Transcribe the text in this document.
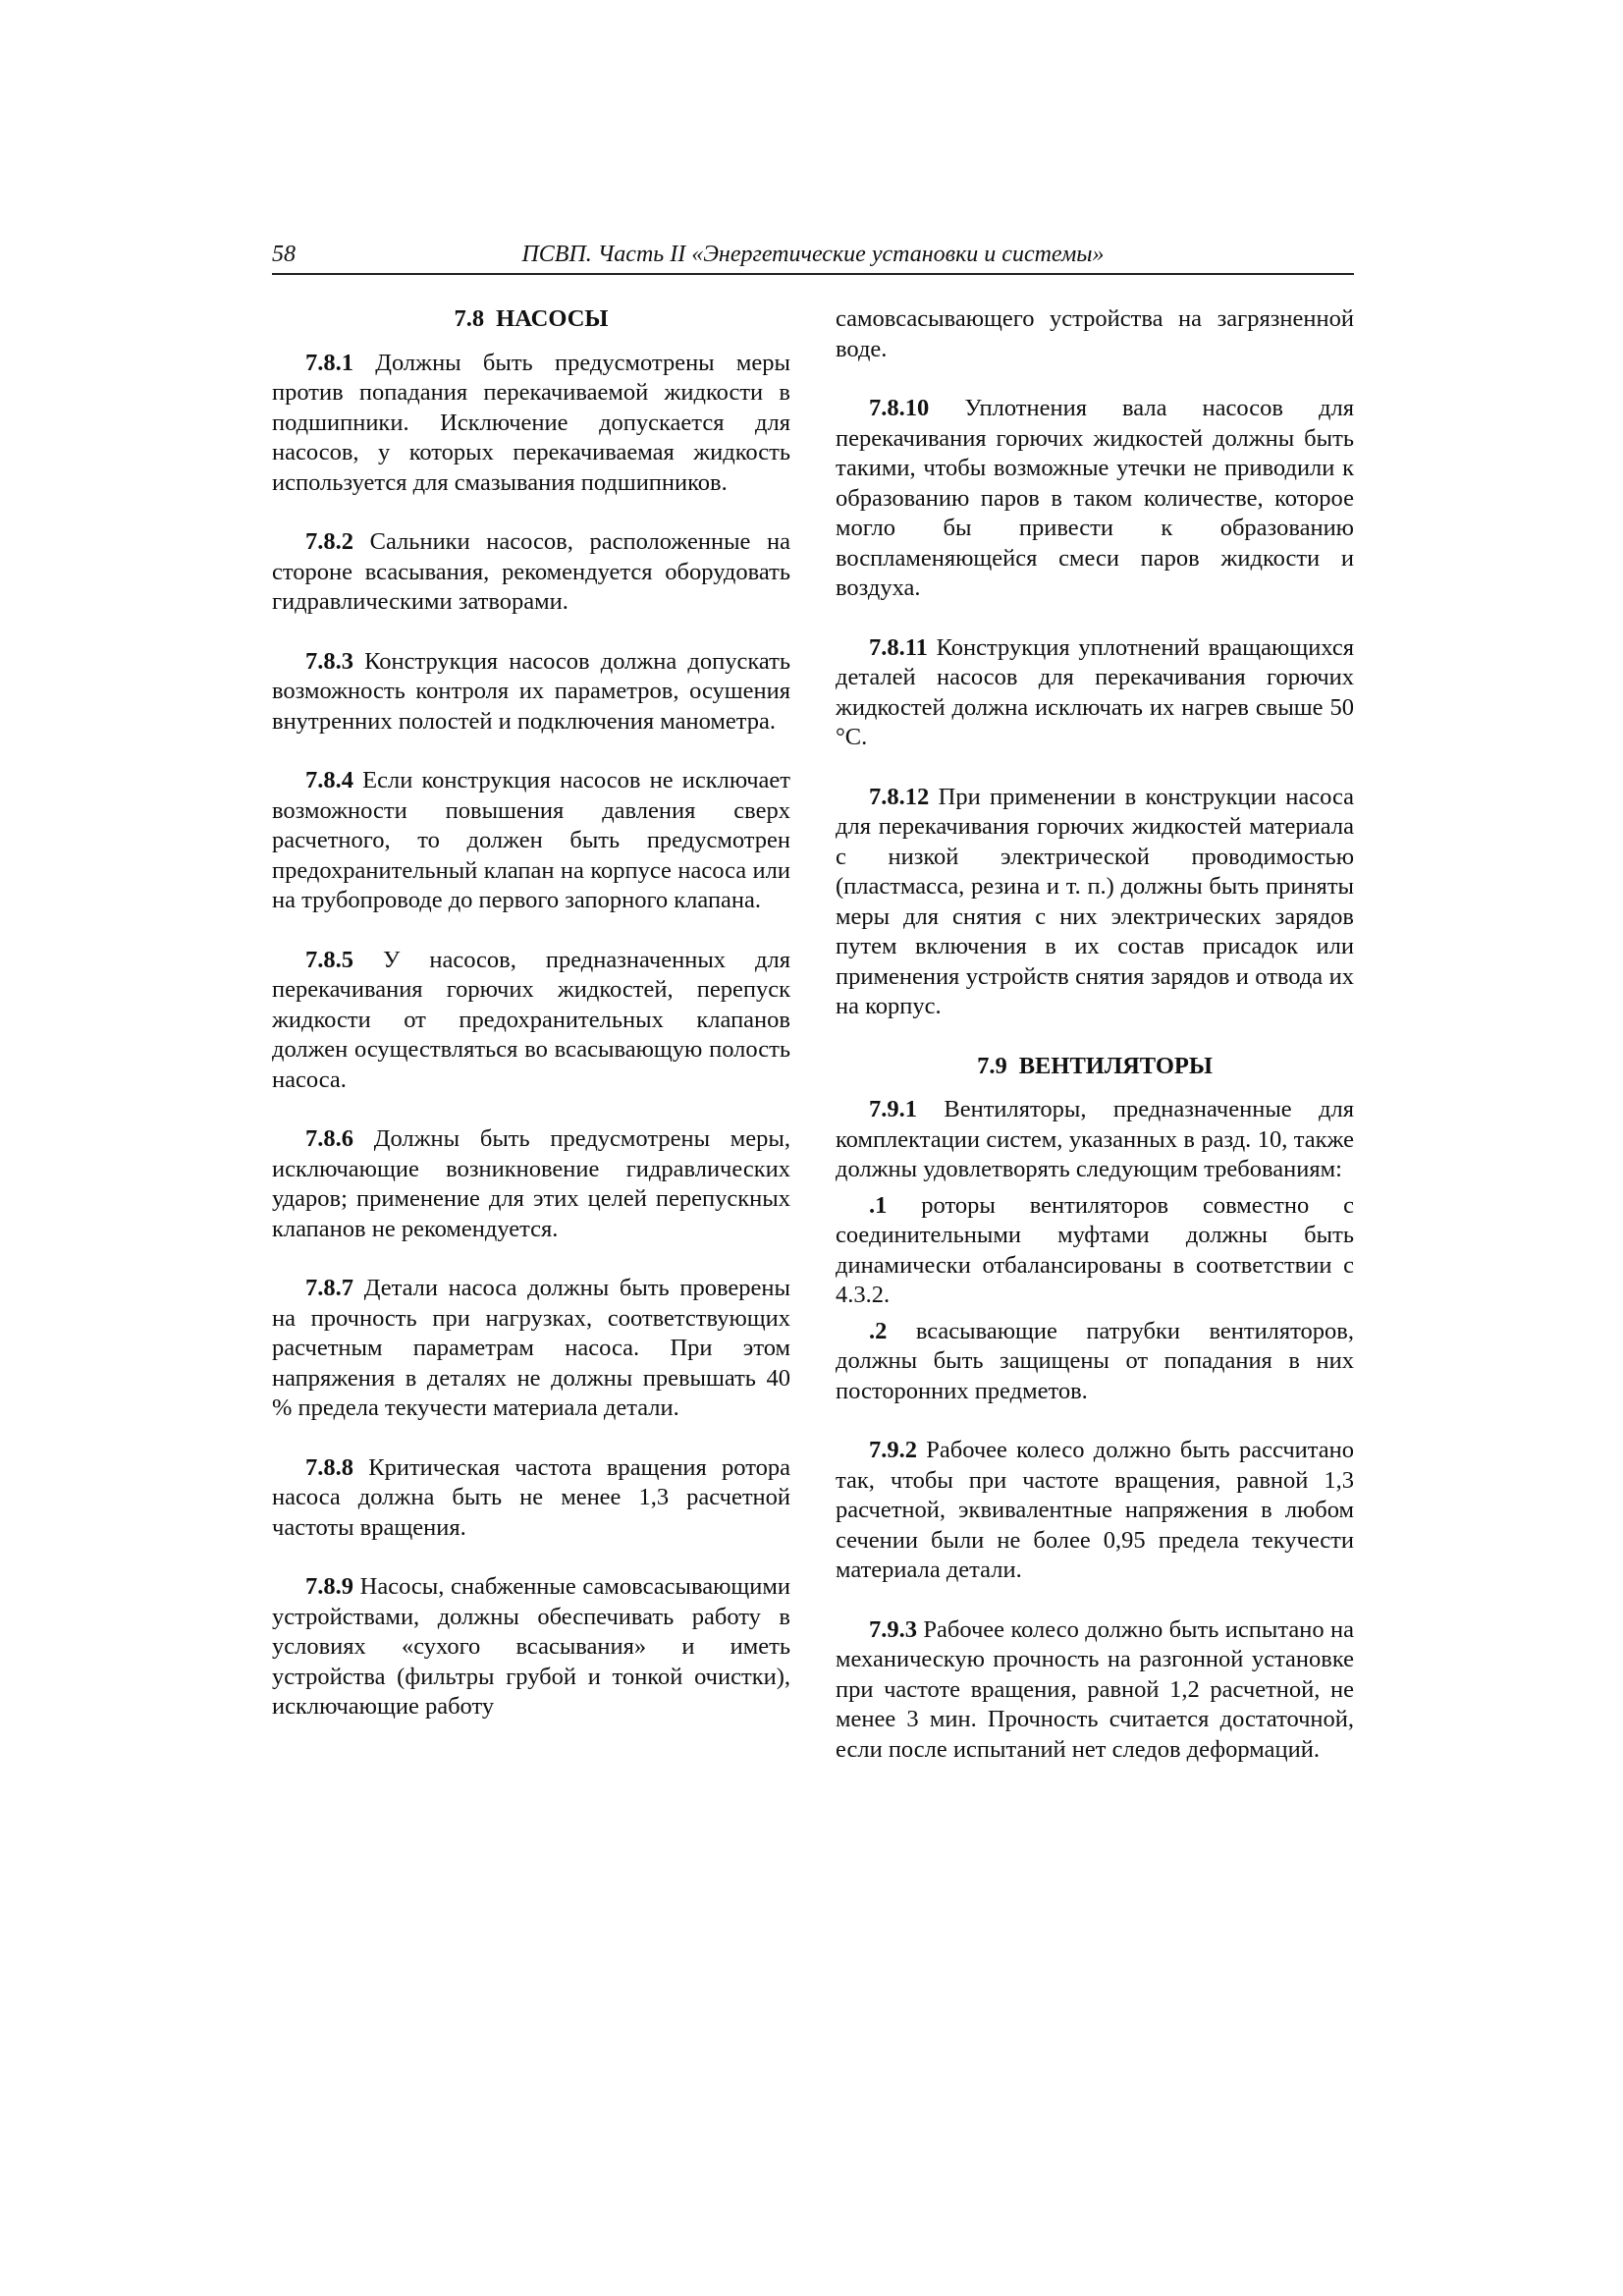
58	ПСВП. Часть II «Энергетические установки и системы»
7.8 НАСОСЫ

7.8.1 Должны быть предусмотрены меры против попадания перекачиваемой жидкости в подшипники. Исключение допускается для насосов, у которых перекачиваемая жидкость используется для смазывания подшипников.

7.8.2 Сальники насосов, расположенные на стороне всасывания, рекомендуется оборудовать гидравлическими затворами.

7.8.3 Конструкция насосов должна допускать возможность контроля их параметров, осушения внутренних полостей и подключения манометра.

7.8.4 Если конструкция насосов не исключает возможности повышения давления сверх расчетного, то должен быть предусмотрен предохранительный клапан на корпусе насоса или на трубопроводе до первого запорного клапана.

7.8.5 У насосов, предназначенных для перекачивания горючих жидкостей, перепуск жидкости от предохранительных клапанов должен осуществляться во всасывающую полость насоса.

7.8.6 Должны быть предусмотрены меры, исключающие возникновение гидравлических ударов; применение для этих целей перепускных клапанов не рекомендуется.

7.8.7 Детали насоса должны быть проверены на прочность при нагрузках, соответствующих расчетным параметрам насоса. При этом напряжения в деталях не должны превышать 40 % предела текучести материала детали.

7.8.8 Критическая частота вращения ротора насоса должна быть не менее 1,3 расчетной частоты вращения.

7.8.9 Насосы, снабженные самовсасывающими устройствами, должны обеспечивать работу в условиях «сухого всасывания» и иметь устройства (фильтры грубой и тонкой очистки), исключающие работу

самовсасывающего устройства на загрязненной воде.

7.8.10 Уплотнения вала насосов для перекачивания горючих жидкостей должны быть такими, чтобы возможные утечки не приводили к образованию паров в таком количестве, которое могло бы привести к образованию воспламеняющейся смеси паров жидкости и воздуха.

7.8.11 Конструкция уплотнений вращающихся деталей насосов для перекачивания горючих жидкостей должна исключать их нагрев свыше 50 °С.

7.8.12 При применении в конструкции насоса для перекачивания горючих жидкостей материала с низкой электрической проводимостью (пластмасса, резина и т. п.) должны быть приняты меры для снятия с них электрических зарядов путем включения в их состав присадок или применения устройств снятия зарядов и отвода их на корпус.

7.9 ВЕНТИЛЯТОРЫ

7.9.1 Вентиляторы, предназначенные для комплектации систем, указанных в разд. 10, также должны удовлетворять следующим требованиям:

.1 роторы вентиляторов совместно с соединительными муфтами должны быть динамически отбалансированы в соответствии с 4.3.2.

.2 всасывающие патрубки вентиляторов, должны быть защищены от попадания в них посторонних предметов.

7.9.2 Рабочее колесо должно быть рассчитано так, чтобы при частоте вращения, равной 1,3 расчетной, эквивалентные напряжения в любом сечении были не более 0,95 предела текучести материала детали.

7.9.3 Рабочее колесо должно быть испытано на механическую прочность на разгонной установке при частоте вращения, равной 1,2 расчетной, не менее 3 мин. Прочность считается достаточной, если после испытаний нет следов деформаций.
